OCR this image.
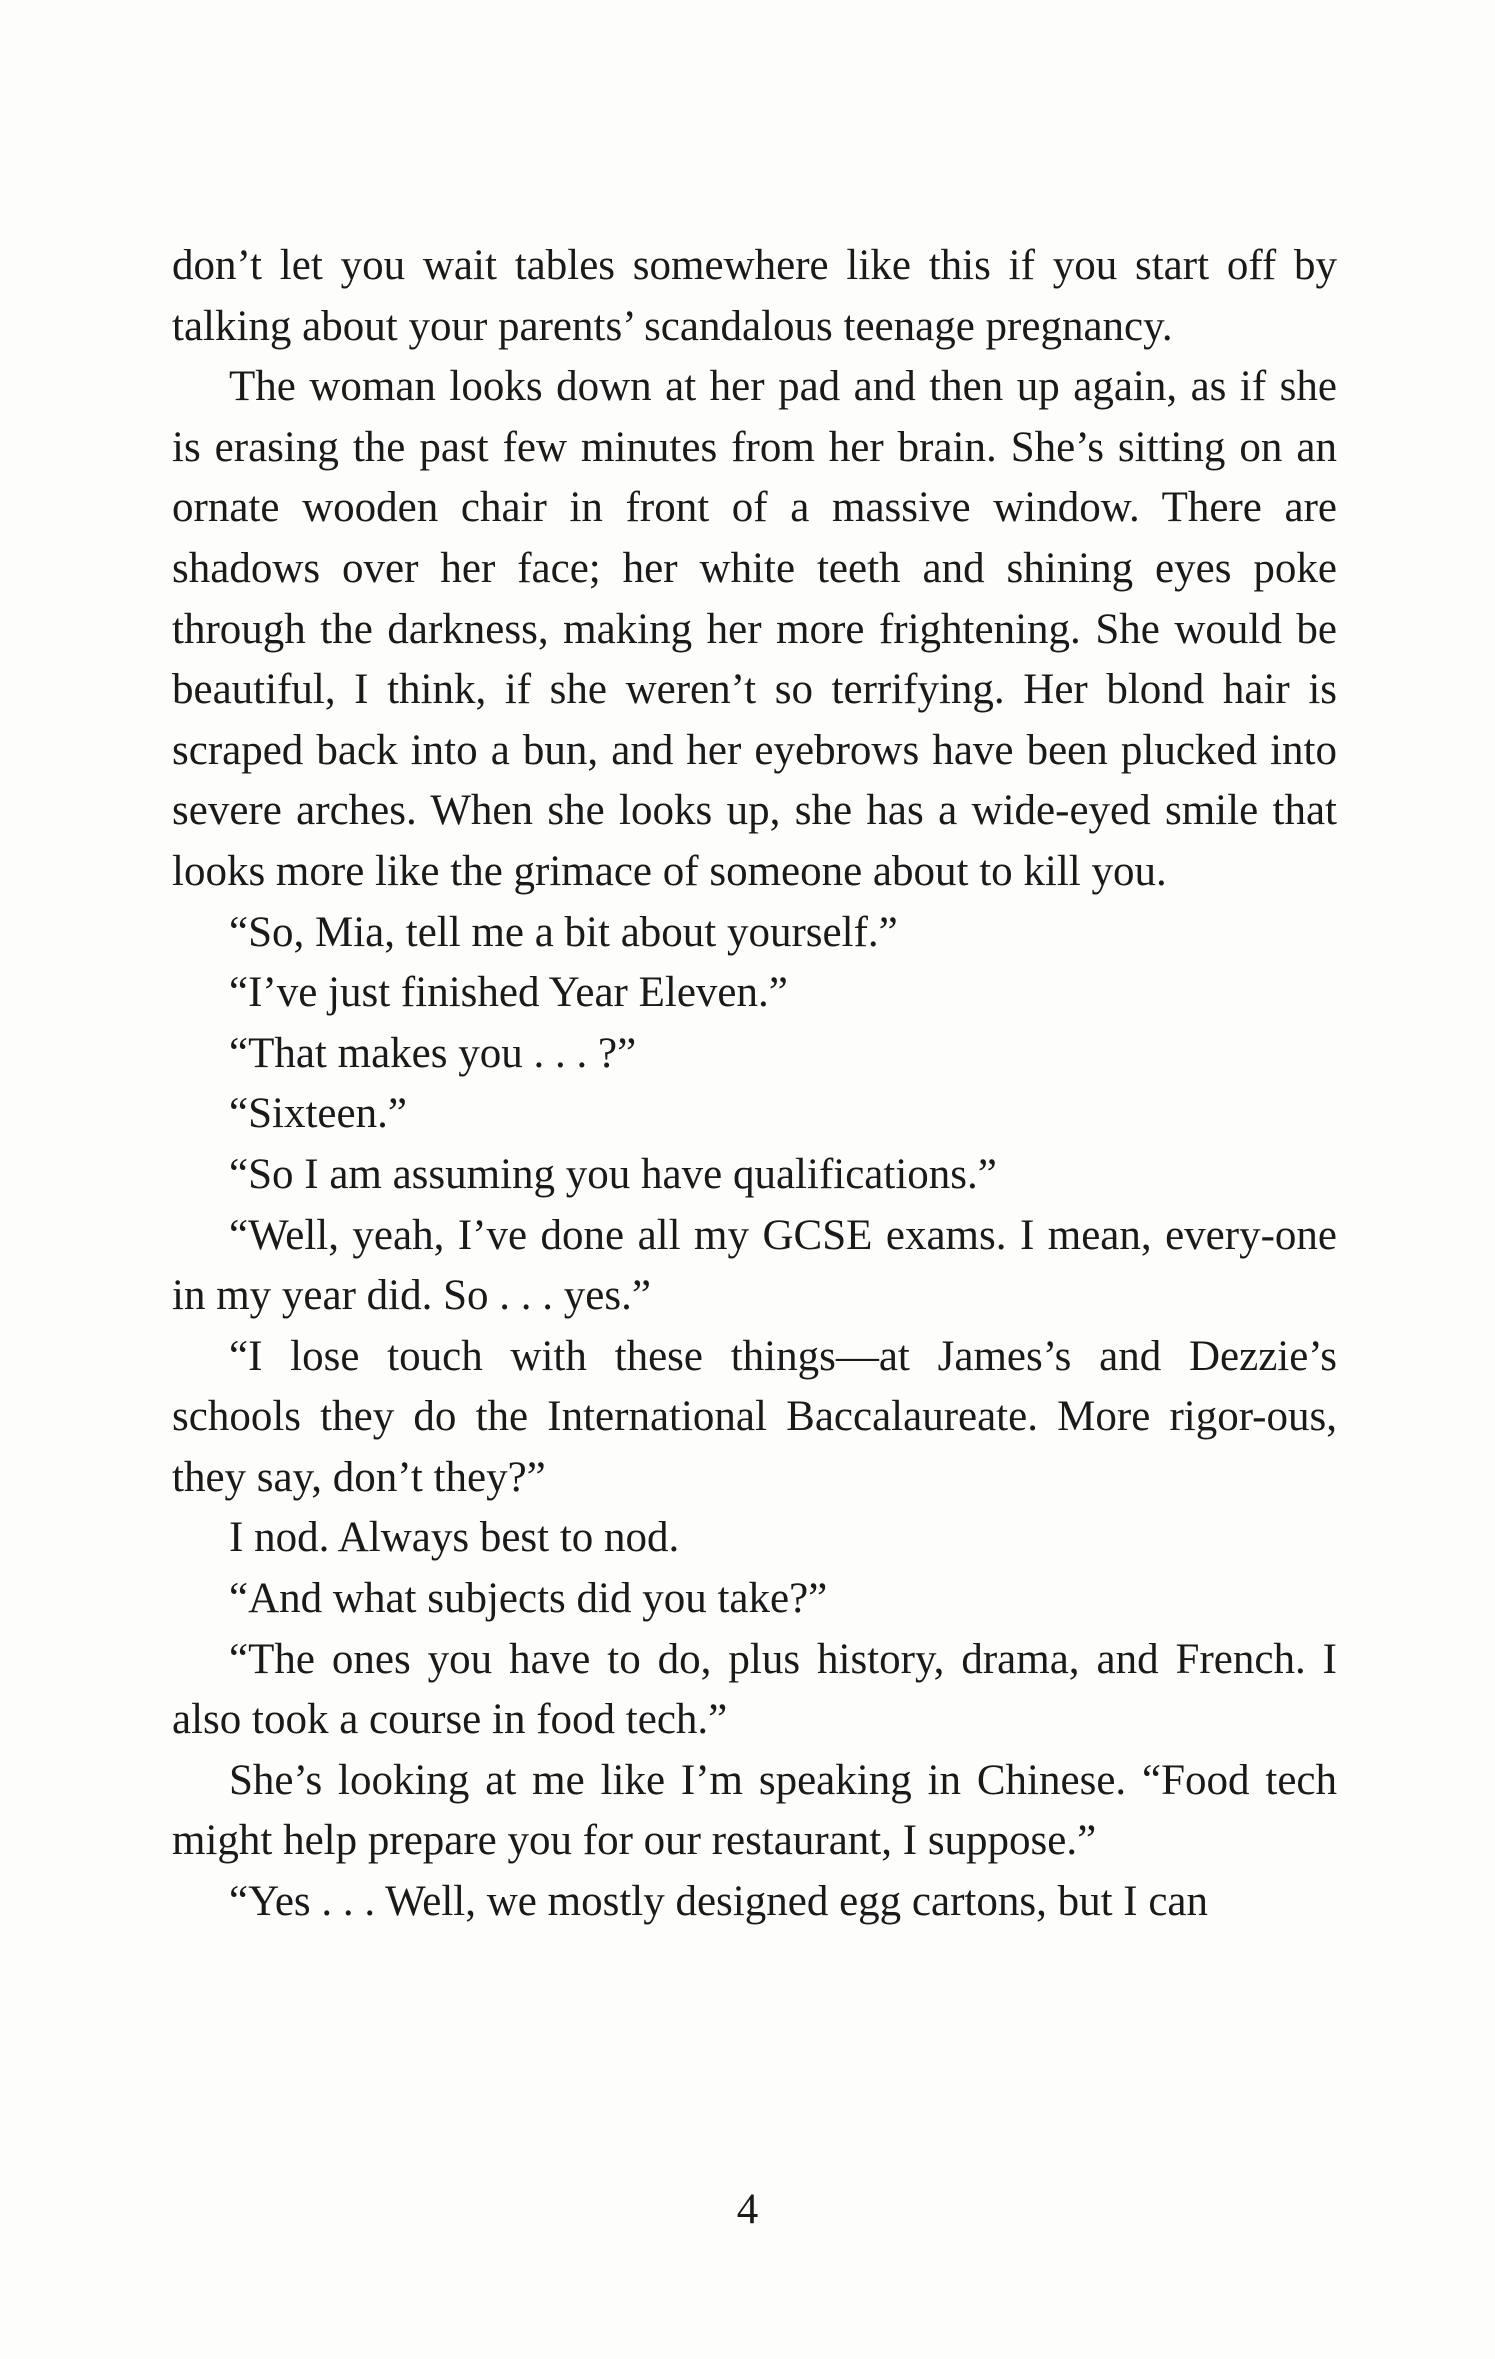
don’t let you wait tables somewhere like this if you start off by talking about your parents’ scandalous teenage pregnancy.

The woman looks down at her pad and then up again, as if she is erasing the past few minutes from her brain. She’s sitting on an ornate wooden chair in front of a massive window. There are shadows over her face; her white teeth and shining eyes poke through the darkness, making her more frightening. She would be beautiful, I think, if she weren’t so terrifying. Her blond hair is scraped back into a bun, and her eyebrows have been plucked into severe arches. When she looks up, she has a wide-eyed smile that looks more like the grimace of someone about to kill you.

“So, Mia, tell me a bit about yourself.”

“I’ve just finished Year Eleven.”

“That makes you . . . ?”

“Sixteen.”

“So I am assuming you have qualifications.”

“Well, yeah, I’ve done all my GCSE exams. I mean, every-one in my year did. So . . . yes.”

“I lose touch with these things—at James’s and Dezzie’s schools they do the International Baccalaureate. More rigor-ous, they say, don’t they?”

I nod. Always best to nod.

“And what subjects did you take?”

“The ones you have to do, plus history, drama, and French. I also took a course in food tech.”

She’s looking at me like I’m speaking in Chinese. “Food tech might help prepare you for our restaurant, I suppose.”

“Yes . . . Well, we mostly designed egg cartons, but I can

4
